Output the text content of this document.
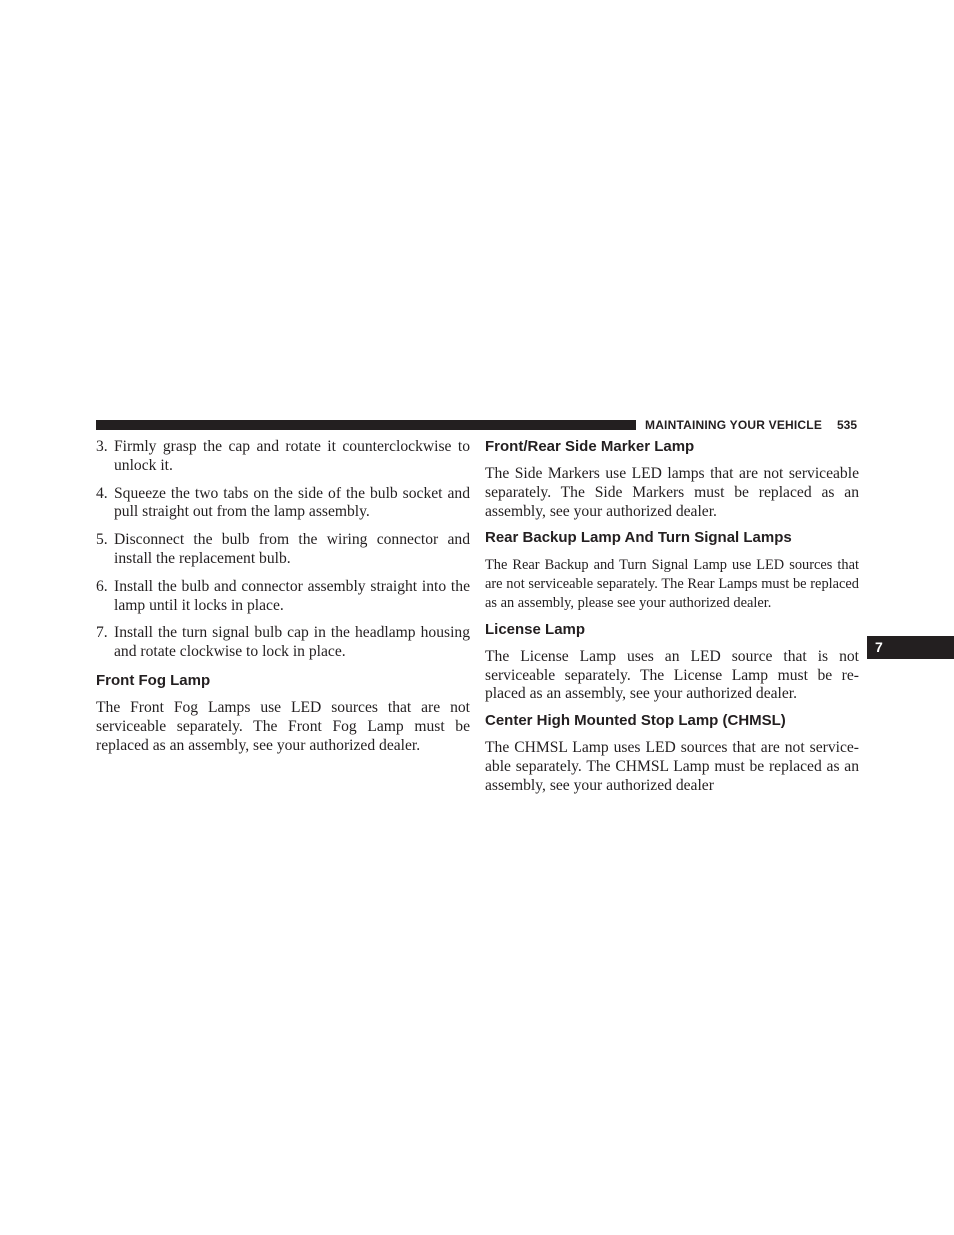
MAINTAINING YOUR VEHICLE 535
7
3. Firmly grasp the cap and rotate it counterclockwise to unlock it.
4. Squeeze the two tabs on the side of the bulb socket and pull straight out from the lamp assembly.
5. Disconnect the bulb from the wiring connector and install the replacement bulb.
6. Install the bulb and connector assembly straight into the lamp until it locks in place.
7. Install the turn signal bulb cap in the headlamp housing and rotate clockwise to lock in place.
Front Fog Lamp

The Front Fog Lamps use LED sources that are not serviceable separately. The Front Fog Lamp must be replaced as an assembly, see your authorized dealer.

Front/Rear Side Marker Lamp

The Side Markers use LED lamps that are not serviceable separately. The Side Markers must be replaced as an assembly, see your authorized dealer.

Rear Backup Lamp And Turn Signal Lamps

The Rear Backup and Turn Signal Lamp use LED sources that are not serviceable separately. The Rear Lamps must be replaced as an assembly, please see your authorized dealer.

License Lamp

The License Lamp uses an LED source that is not serviceable separately. The License Lamp must be re-placed as an assembly, see your authorized dealer.

Center High Mounted Stop Lamp (CHMSL)

The CHMSL Lamp uses LED sources that are not service-able separately. The CHMSL Lamp must be replaced as an assembly, see your authorized dealer
